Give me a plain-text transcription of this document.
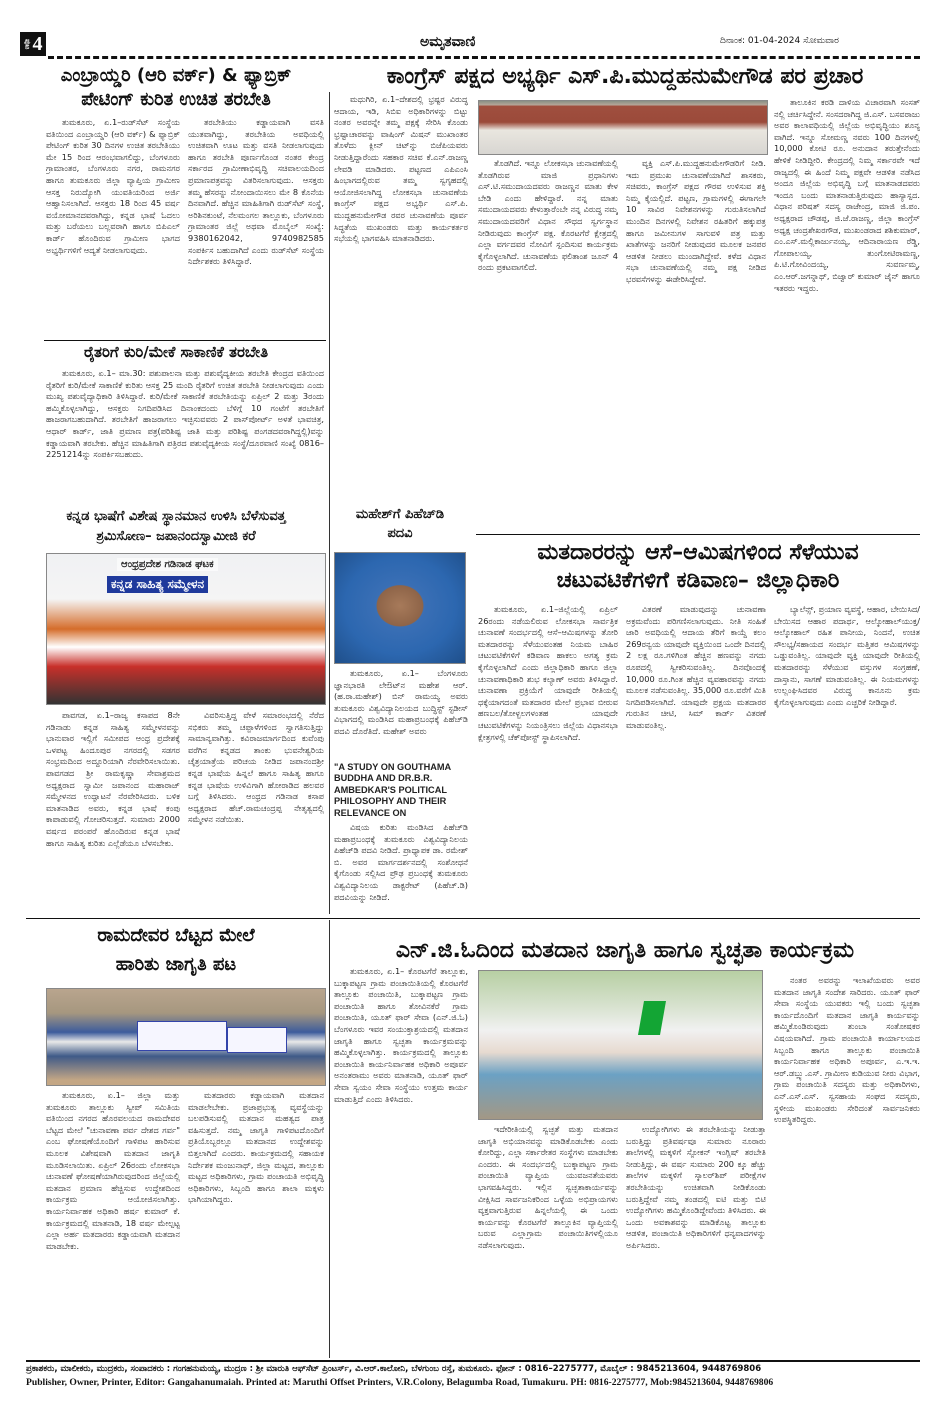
ಪುಟ 4	ಅಮೃತವಾಣಿ	ದಿನಾಂಕ: 01-04-2024 ಸೋಮವಾರ
ಎಂಬ್ರಾಯ್ಡರಿ (ಆರಿ ವರ್ಕ್) & ಫ್ಯಾಬ್ರಿಕ್
ಪೇಟಿಂಗ್ ಕುರಿತ ಉಚಿತ ತರಬೇತಿ

ತುಮಕೂರು, ಏ.1–ರುಡ್‌ಸೆಟ್ ಸಂಸ್ಥೆಯ ವತಿಯಿಂದ ಎಂಬ್ರಾಯ್ಡರಿ (ಆರಿ ವರ್ಕ್) & ಫ್ಯಾಬ್ರಿಕ್ ಪೇಟಿಂಗ್ ಕುರಿತ 30 ದಿನಗಳ ಉಚಿತ ತರಬೇತಿಯು ಮೇ 15 ರಿಂದ ಆರಂಭವಾಗಲಿದ್ದು, ಬೆಂಗಳೂರು ಗ್ರಾಮಾಂತರ, ಬೆಂಗಳೂರು ನಗರ, ರಾಮನಗರ ಹಾಗೂ ತುಮಕೂರು ಜಿಲ್ಲಾ ವ್ಯಾಪ್ತಿಯ ಗ್ರಾಮೀಣ ಆಸಕ್ತ ನಿರುದ್ಯೋಗಿ ಯುವತಿಯರಿಂದ ಅರ್ಜಿ ಆಹ್ವಾನಿಸಲಾಗಿದೆ. ಆಸಕ್ತರು 18 ರಿಂದ 45 ವರ್ಷ ವಯೋಮಾನದವರಾಗಿದ್ದು, ಕನ್ನಡ ಭಾಷೆ ಓದಲು ಮತ್ತು ಬರೆಯಲು ಬಲ್ಲವರಾಗಿ ಹಾಗೂ ಬಿಪಿಎಲ್ ಕಾರ್ಡ್ ಹೊಂದಿರುವ ಗ್ರಾಮೀಣ ಭಾಗದ ಅಭ್ಯರ್ಥಿಗಳಿಗೆ ಆದ್ಯತೆ ನೀಡಲಾಗುವುದು.

ತರಬೇತಿಯು ಕಡ್ಡಾಯವಾಗಿ ವಸತಿ ಯುತವಾಗಿದ್ದು, ತರಬೇತಿಯ ಅವಧಿಯಲ್ಲಿ ಉಚಿತವಾಗಿ ಊಟ ಮತ್ತು ವಸತಿ ನೀಡಲಾಗುವುದು ಹಾಗೂ ತರಬೇತಿ ಪೂರ್ಣಗೊಂಡ ನಂತರ ಕೇಂದ್ರ ಸರ್ಕಾರದ ಗ್ರಾಮೀಣಾಭಿವೃದ್ಧಿ ಸಚಿವಾಲಯದಿಂದ ಪ್ರಮಾಣಪತ್ರವನ್ನು ವಿತರಿಸಲಾಗುವುದು. ಆಸಕ್ತರು ತಮ್ಮ ಹೆಸರನ್ನು ನೋಂದಾಯಿಸಲು ಮೇ 8 ಕೊನೆಯ ದಿನವಾಗಿದೆ. ಹೆಚ್ಚಿನ ಮಾಹಿತಿಗಾಗಿ ರುಡ್‌ಸೆಟ್ ಸಂಸ್ಥೆ, ಅರಿಶಿನಕುಂಟೆ, ನೆಲಮಂಗಲ ತಾಲ್ಲೂಕು, ಬೆಂಗಳೂರು ಗ್ರಾಮಾಂತರ ಜಿಲ್ಲೆ ಅಥವಾ ಮೊಬೈಲ್ ಸಂಖ್ಯೆ: 9380162042, 9740982585 ಸಂಪರ್ಕಿಸ ಬಹುದಾಗಿದೆ ಎಂದು ರುಡ್‌ಸೆಟ್ ಸಂಸ್ಥೆಯ ನಿರ್ದೇಶಕರು ತಿಳಿಸಿದ್ದಾರೆ.

ರೈತರಿಗೆ ಕುರಿ/ಮೇಕೆ ಸಾಕಾಣಿಕೆ ತರಬೇತಿ

ತುಮಕೂರು, ಏ.1– ಮಾ.30: ಪಶುಪಾಲನಾ ಮತ್ತು ಪಶುವೈದ್ಯಕೀಯ ತರಬೇತಿ ಕೇಂದ್ರದ ವತಿಯಿಂದ ರೈತರಿಗೆ ಕುರಿ/ಮೇಕೆ ಸಾಕಾಣಿಕೆ ಕುರಿತು ಆಸಕ್ತ 25 ಮಂದಿ ರೈತರಿಗೆ ಉಚಿತ ತರಬೇತಿ ನೀಡಲಾಗುವುದು ಎಂದು ಮುಖ್ಯ ಪಶುವೈದ್ಯಾಧಿಕಾರಿ ತಿಳಿಸಿದ್ದಾರೆ. ಕುರಿ/ಮೇಕೆ ಸಾಕಾಣಿಕೆ ತರಬೇತಿಯನ್ನು ಏಪ್ರಿಲ್ 2 ಮತ್ತು 3ರಂದು ಹಮ್ಮಿಕೊಳ್ಳಲಾಗಿದ್ದು, ಆಸಕ್ತರು ನಿಗದಿಪಡಿಸಿದ ದಿನಾಂಕದಂದು ಬೆಳಿಗ್ಗೆ 10 ಗಂಟೆಗೆ ತರಬೇತಿಗೆ ಹಾಜರಾಗಬಹುದಾಗಿದೆ. ತರಬೇತಿಗೆ ಹಾಜರಾಗಲು ಇಚ್ಛಿಸುವವರು 2 ಪಾಸ್‌ಪೋರ್ಟ್ ಅಳತೆ ಭಾವಚಿತ್ರ, ಆಧಾರ್ ಕಾರ್ಡ್, ಜಾತಿ ಪ್ರಮಾಣ ಪತ್ರ(ಪರಿಶಿಷ್ಟ ಜಾತಿ ಮತ್ತು ಪರಿಶಿಷ್ಟ ಪಂಗಡದವರಾಗಿದ್ದಲ್ಲಿ)ವನ್ನು ಕಡ್ಡಾಯವಾಗಿ ತರಬೇಕು. ಹೆಚ್ಚಿನ ಮಾಹಿತಿಗಾಗಿ ಪತ್ರಿರದ ಪಶುವೈದ್ಯಕೀಯ ಸಂಸ್ಥೆ/ದೂರವಾಣಿ ಸಂಖ್ಯೆ 0816–2251214ನ್ನು ಸಂಪರ್ಕಿಸಬಹುದು.

ಕನ್ನಡ ಭಾಷೆಗೆ ವಿಶೇಷ ಸ್ಥಾನಮಾನ ಉಳಿಸಿ ಬೆಳೆಸುವತ್ತ
ಶ್ರಮಿಸೋಣ– ಜಪಾನಂದಸ್ವಾಮೀಜಿ ಕರೆ
ಆಂಧ್ರಪ್ರದೇಶ ಗಡಿನಾಡ ಘಟಕ
ಕನ್ನಡ ಸಾಹಿತ್ಯ ಸಮ್ಮೇಳನ

ಪಾವಗಡ, ಏ.1–ರಾಜ್ಯ ಕಸಾಪದ 8ನೇ ಗಡಿನಾಡು ಕನ್ನಡ ಸಾಹಿತ್ಯ ಸಮ್ಮೇಳನವನ್ನು ಭಾನುವಾರ ಇಲ್ಲಿಗೆ ಸಮೀಪದ ಆಂಧ್ರ ಪ್ರದೇಶಕ್ಕೆ ಒಳಪಟ್ಟ ಹಿಂದೂಪುರ ನಗರದಲ್ಲಿ ಸಡಗರ ಸಂಭ್ರಮದಿಂದ ಅದ್ದೂರಿಯಾಗಿ ನೆರವೇರಿಸಲಾಯಿತು. ಪಾವಗಡದ ಶ್ರೀ ರಾಮಕೃಷ್ಣಾ ಸೇವಾಶ್ರಮದ ಅಧ್ಯಕ್ಷರಾದ ಸ್ವಾಮೀ ಜಪಾನಂದ ಮಹಾರಾಜ್ ಸಮ್ಮೇಳನದ ಉದ್ಘಾಟನೆ ನೆರವೇರಿಸಿದರು. ಬಳಿಕ ಮಾತನಾಡಿದ ಅವರು, ಕನ್ನಡ ಭಾಷೆ ಕಂಪು ಕಾಪಾಡುವಲ್ಲಿ ಗೋಚರಿಸುತ್ತದೆ. ಸುಮಾರು 2000 ವರ್ಷದ ಪರಂಪರೆ ಹೊಂದಿರುವ ಕನ್ನಡ ಭಾಷೆ ಹಾಗೂ ಸಾಹಿತ್ಯ ಕುರಿತು ಎಲ್ಲೆಡೆಯೂ ಬೆಳಸಬೇಕು.

ವಿವರಿಸುತ್ತಿದ್ದ ವೇಳೆ ಸಮಾರಂಭದಲ್ಲಿ ನೆರೆದ ಸಭಿಕರು ತಮ್ಮ ಚಪ್ಪಾಳೆಗಳಿಂದ ಸ್ವಾಗತಿಸುತ್ತಿದ್ದು ಸಾಮಾನ್ಯವಾಗಿತ್ತು. ಕವಿರಾಜಮಾರ್ಗದಿಂದ ಕುವೆಂಪು ವರೆಗಿನ ಕನ್ನಡದ ತಾಂಕು ಭುವನೇಶ್ವರಿಯ ಚೈತ್ರಯಾತ್ರೆಯ ಪರಿಚಯ ನೀಡಿದ ಜಪಾನಂದಶ್ರೀ ಕನ್ನಡ ಭಾಷೆಯ ಹಿನ್ನಲೆ ಹಾಗೂ ಸಾಹಿತ್ಯ ಹಾಗೂ ಕನ್ನಡ ಭಾಷೆಯ ಉಳಿವಿಗಾಗಿ ಹೋರಾಡಿದ ಹಲವರ ಬಗ್ಗೆ ತಿಳಿಸಿದರು. ಆಂಧ್ರದ ಗಡಿನಾಡ ಕಸಾಪ ಅಧ್ಯಕ್ಷರಾದ ಹೆಚ್.ರಾಮಚಂದ್ರಪ್ಪ ನೇತೃತ್ವದಲ್ಲಿ ಸಮ್ಮೇಳನ ನಡೆಯಿತು.

ಮಹೇಶ್‌ಗೆ ಪಿಹೆಚ್‌ಡಿ
ಪದವಿ

ತುಮಕೂರು, ಏ.1– ಬೆಂಗಳೂರು ಜ್ಞಾನಭಾರತಿ ಲೇಔಟ್‌ನ ಮಹೇಶ ಆರ್. (ಹ.ರಾ.ಮಹೇಶ್) ಬಿನ್ ರಾಮಯ್ಯ ಅವರು ತುಮಕೂರು ವಿಶ್ವವಿದ್ಯಾನಿಲಯದ ಬುದ್ಧಿಸ್ಟ್ ಸ್ಟಡೀಸ್ ವಿಭಾಗದಲ್ಲಿ ಮಂಡಿಸಿದ ಮಹಾಪ್ರಬಂಧಕ್ಕೆ ಪಿಹೆಚ್‌ಡಿ ಪದವಿ ದೊರೆತಿದೆ. ಮಹೇಶ್ ಅವರು

"A STUDY ON GOUTHAMA BUDDHA AND DR.B.R. AMBEDKAR'S POLITICAL PHILOSOPHY AND THEIR RELEVANCE ON

ವಿಷಯ ಕುರಿತು ಮಂಡಿಸಿದ ಪಿಹೆಚ್‌ಡಿ ಮಹಾಪ್ರಬಂಧಕ್ಕೆ ತುಮಕೂರು ವಿಶ್ವವಿದ್ಯಾನಿಲಯ ಪಿಹೆಚ್‌ಡಿ ಪದವಿ ನೀಡಿದೆ. ಪ್ರಾಧ್ಯಾಪಕ ಡಾ. ರಮೇಶ್ ಬಿ. ಅವರ ಮಾರ್ಗದರ್ಶನದಲ್ಲಿ ಸಂಶೋಧನೆ ಕೈಗೊಂಡು ಸಲ್ಲಿಸಿದ ಪ್ರೌಢ ಪ್ರಬಂಧಕ್ಕೆ ತುಮಕೂರು ವಿಶ್ವವಿದ್ಯಾನಿಲಯ ಡಾಕ್ಟರೇಟ್ (ಪಿಹೆಚ್.ಡಿ) ಪದವಿಯನ್ನು ನೀಡಿದೆ.

ಕಾಂಗ್ರೆಸ್ ಪಕ್ಷದ ಅಭ್ಯರ್ಥಿ ಎಸ್.ಪಿ.ಮುದ್ದಹನುಮೇಗೌಡ ಪರ ಪ್ರಚಾರ

ಮಧುಗಿರಿ, ಏ.1–ದೇಶದಲ್ಲಿ ಭ್ರಷ್ಟರ ವಿರುದ್ಧ ಆದಾಯ, ಇಡಿ, ಸಿಬಿಐ ಅಧಿಕಾರಿಗಳನ್ನು ಬಿಟ್ಟು ನಂತರ ಅವರನ್ನೇ ತಮ್ಮ ಪಕ್ಷಕ್ಕೆ ಸೇರಿಸಿ ಕೊಂಡು ಭ್ರಷ್ಟಾಚಾರವನ್ನು ವಾಷಿಂಗ್ ಮಿಷನ್ ಮುಖಾಂತರ ತೊಳೆದು ಕ್ಲೀನ್ ಚಿಟ್‌ನ್ನು ಬಿಜೆಪಿಯವರು ನೀಡುತ್ತಿದ್ದಾರೆಂದು ಸಹಕಾರ ಸಚಿವ ಕೆ.ಎನ್.ರಾಜಣ್ಣ ಲೇವಡಿ ಮಾಡಿದರು. ಪಟ್ಟಣದ ಎಪಿಎಂಸಿ ಹಿಂಭಾಗದಲ್ಲಿರುವ ತಮ್ಮ ಸ್ವಗೃಹದಲ್ಲಿ ಆಯೋಜಿಸಲಾಗಿದ್ದ ಲೋಕಸಭಾ ಚುನಾವಣೆಯ ಕಾಂಗ್ರೆಸ್ ಪಕ್ಷದ ಅಭ್ಯರ್ಥಿ ಎಸ್.ಪಿ. ಮುದ್ದಹನುಮೇಗೌಡ ರವರ ಚುನಾವಣೆಯ ಪೂರ್ವ ಸಿದ್ಧತೆಯ ಮುಖಂಡರು ಮತ್ತು ಕಾರ್ಯಕರ್ತರ ಸಭೆಯಲ್ಲಿ ಭಾಗವಹಿಸಿ ಮಾತನಾಡಿದರು.

ತೊಡಗಿದೆ. ಇನ್ನೂ ಲೋಕಸಭಾ ಚುನಾವಣೆಯಲ್ಲಿ ತೊಡಗಿರುವ ಮಾಜಿ ಪ್ರಧಾನಿಗಳು ಎಸ್.ಟಿ.ಸಮುದಾಯದವರು ರಾಜಣ್ಣನ ಮಾತು ಕೇಳ ಬೇಡಿ ಎಂದು ಹೇಳಿದ್ದಾರೆ. ನನ್ನ ಮಾತು ಸಮುದಾಯದವರು ಕೇಳುತ್ತಾರೆಂಬೇ ನನ್ನ ವಿರುದ್ಧ ನಮ್ಮ ಸಮುದಾಯದವರಿಗೆ ವಿಧಾನ ಸೌಧದ ಸ್ವರ್ಗಸ್ಥಾನ ನೀಡಿರುವುದು ಕಾಂಗ್ರೆಸ್ ಪಕ್ಷ. ಕೊರಟಗೆರೆ ಕ್ಷೇತ್ರದಲ್ಲಿ ಎಲ್ಲಾ ವರ್ಗದವರ ನೋವಿಗೆ ಸ್ಪಂದಿಸುವ ಕಾರ್ಯಕ್ರಮ ಕೈಗೊಳ್ಳಲಾಗಿದೆ. ಚುನಾವಣೆಯ ಫಲಿತಾಂಶ ಜೂನ್ 4 ರಂದು ಪ್ರಕಟವಾಗಲಿದೆ.

ವ್ಯಕ್ತಿ ಎಸ್.ಪಿ.ಮುದ್ದಹನುಮೇಗೌಡರಿಗೆ ನೀಡಿ. ಇದು ಪ್ರಮುಖ ಚುನಾವಣೆಯಾಗಿದೆ ಶಾಸಕರು, ಸಚಿವರು, ಕಾಂಗ್ರೆಸ್ ಪಕ್ಷದ ಗೌರವ ಉಳಿಸುವ ಶಕ್ತಿ ನಿಮ್ಮ ಕೈಯಲ್ಲಿದೆ. ಪಟ್ಟಣ, ಗ್ರಾಮಗಳಲ್ಲಿ ಈಗಾಗಲೇ 10 ಸಾವಿರ ನಿವೇಶನಗಳನ್ನು ಗುರುತಿಸಲಾಗಿದೆ ಮುಂದಿನ ದಿನಗಳಲ್ಲಿ ನಿವೇಶನ ರಹಿತರಿಗೆ ಹಕ್ಕುಪತ್ರ ಹಾಗೂ ಜಮೀನುಗಳ ಸಾಗುವಳಿ ಪತ್ರ ಮತ್ತು ಖಾತೆಗಳನ್ನು ಜನರಿಗೆ ನೀಡುವುದರ ಮೂಲಕ ಜನಪರ ಆಡಳಿತ ನೀಡಲು ಮುಂದಾಗಿದ್ದೇವೆ. ಕಳೆದ ವಿಧಾನ ಸಭಾ ಚುನಾವಣೆಯಲ್ಲಿ ನಮ್ಮ ಪಕ್ಷ ನೀಡಿದ ಭರವಸೆಗಳನ್ನು ಈಡೇರಿಸಿದ್ದೇವೆ.

ತಾಲೂಕಿನ ಕರಡಿ ದಾಳಿಯ ವಿಚಾರವಾಗಿ ಸಂಸತ್ ನಲ್ಲಿ ಚರ್ಚಿಸಿದ್ದೇನೆ. ಸಂಸದರಾಗಿದ್ದ ಜಿ.ಎಸ್. ಬಸವರಾಜು ಅವರ ಕಾಲಾವಧಿಯಲ್ಲಿ ಜಿಲ್ಲೆಯ ಅಭಿವೃದ್ಧಿಯು ಶೂನ್ಯ ವಾಗಿದೆ. ಇನ್ನೂ ಸೋಮಣ್ಣ ನವರು 100 ದಿನಗಳಲ್ಲಿ 10,000 ಕೋಟಿ ರೂ. ಅನುದಾನ ತರುತ್ತೇನೆಂದು ಹೇಳಿಕೆ ನೀಡಿದ್ದೀರಿ. ಕೇಂದ್ರದಲ್ಲಿ ನಿಮ್ಮ ಸರ್ಕಾರವೇ ಇದೆ ರಾಜ್ಯದಲ್ಲಿ ಈ ಹಿಂದೆ ನಿಮ್ಮ ಪಕ್ಷವೇ ಆಡಳಿತ ನಡೆಸಿದ ಅಂದೂ ಜಿಲ್ಲೆಯ ಅಭಿವೃದ್ಧಿ ಬಗ್ಗೆ ಮಾತನಾಡದವರು ಇಂದೂ ಬಂದು ಮಾತನಾಡುತ್ತಿರುವುದು ಹಾಸ್ಯಾಸ್ಪದ. ವಿಧಾನ ಪರಿಷತ್ ಸದಸ್ಯ ರಾಜೇಂದ್ರ, ಮಾಜಿ ಜಿ.ಪಂ. ಅಧ್ಯಕ್ಷರಾದ ಚೌಡಪ್ಪ, ಜಿ.ಜೆ.ರಾಜಣ್ಣ, ಜಿಲ್ಲಾ ಕಾಂಗ್ರೆಸ್ ಅಧ್ಯಕ್ಷ ಚಂದ್ರಶೇಖರಗೌಡ, ಮುಖಂಡರಾದ ಶಶಿಕುಮಾರ್, ಎಂ.ಎಸ್.ಮಲ್ಲಿಕಾರ್ಜುನಯ್ಯ, ಆದಿನಾರಾಯಣ ರೆಡ್ಡಿ, ಗೋಪಾಲಯ್ಯ, ತುಂಗೋಟಿರಾಮಣ್ಣ, ಪಿ.ಟಿ.ಗೋವಿಂದಯ್ಯ, ಸುವರ್ಣಮ್ಮ, ಎಂ.ಆರ್.ಜಗನ್ನಾಥ್, ಬಿಜ್ವಾರ್ ಕುಮಾರ್ ಜೈನ್ ಹಾಗೂ ಇತರರು ಇದ್ದರು.

ಮತದಾರರನ್ನು ಆಸೆ–ಆಮಿಷಗಳಿಂದ ಸೆಳೆಯುವ
ಚಟುವಟಿಕೆಗಳಿಗೆ ಕಡಿವಾಣ– ಜಿಲ್ಲಾಧಿಕಾರಿ

ತುಮಕೂರು, ಏ.1–ಜಿಲ್ಲೆಯಲ್ಲಿ ಏಪ್ರಿಲ್ 26ರಂದು ನಡೆಯಲಿರುವ ಲೋಕಸಭಾ ಸಾರ್ವತ್ರಿಕ ಚುನಾವಣೆ ಸಂದರ್ಭದಲ್ಲಿ ಆಸೆ–ಆಮಿಷಗಳನ್ನು ತೋರಿ ಮತದಾರರನ್ನು ಸೆಳೆಯುವಂತಹ ನಿಯಮ ಬಾಹಿರ ಚಟುವಟಿಕೆಗಳಿಗೆ ಕಡಿವಾಣ ಹಾಕಲು ಅಗತ್ಯ ಕ್ರಮ ಕೈಗೊಳ್ಳಲಾಗಿದೆ ಎಂದು ಜಿಲ್ಲಾಧಿಕಾರಿ ಹಾಗೂ ಜಿಲ್ಲಾ ಚುನಾವಣಾಧಿಕಾರಿ ಶುಭ ಕಲ್ಯಾಣ್ ಅವರು ತಿಳಿಸಿದ್ದಾರೆ. ಚುನಾವಣಾ ಪ್ರಕ್ರಿಯೆಗೆ ಯಾವುದೇ ರೀತಿಯಲ್ಲಿ ಧಕ್ಕೆಯಾಗದಂತೆ ಮತದಾರರ ಮೇಲೆ ಪ್ರಭಾವ ಬೀರುವ ಹಣಬಲ/ತೋಳ್ಬಲಗಳಂತಹ ಯಾವುದೇ ಚಟುವಟಿಕೆಗಳನ್ನು ನಿಯಂತ್ರಿಸಲು ಜಿಲ್ಲೆಯ ವಿಧಾನಸಭಾ ಕ್ಷೇತ್ರಗಳಲ್ಲಿ ಚೆಕ್‌ಪೋಸ್ಟ್ ಸ್ಥಾಪಿಸಲಾಗಿದೆ.

ವಿತರಣೆ ಮಾಡುವುದನ್ನು ಚುನಾವಣಾ ಅಕ್ರಮವೆಂದು ಪರಿಗಣಿಸಲಾಗುವುದು. ನೀತಿ ಸಂಹಿತೆ ಜಾರಿ ಅವಧಿಯಲ್ಲಿ ಆದಾಯ ತೆರಿಗೆ ಕಾಯ್ದೆ ಕಲಂ 269ರನ್ವಯ ಯಾವುದೇ ವ್ಯಕ್ತಿಯಿಂದ ಒಂದೇ ದಿನದಲ್ಲಿ 2 ಲಕ್ಷ ರೂ.ಗಳಿಗಿಂತ ಹೆಚ್ಚಿನ ಹಣವನ್ನು ನಗದು ರೂಪದಲ್ಲಿ ಸ್ವೀಕರಿಸುವಂತಿಲ್ಲ. ದಿನವೊಂದಕ್ಕೆ 10,000 ರೂ.ಗಿಂತ ಹೆಚ್ಚಿನ ವ್ಯವಹಾರವನ್ನು ನಗದು ಮೂಲಕ ನಡೆಸುವಂತಿಲ್ಲ. 35,000 ರೂ.ವರೆಗೆ ಮಿತಿ ನಿಗದಿಪಡಿಸಲಾಗಿದೆ. ಯಾವುದೇ ಪ್ರಕ್ಷಯ ಮತದಾರರ ಗುರುತಿನ ಚೀಟಿ, ಸಿಮ್ ಕಾರ್ಡ್ ವಿತರಣೆ ಮಾಡುವಂತಿಲ್ಲ.

ಬ್ಯಾಲೆನ್ಸ್, ಪ್ರಯಾಣ ವ್ಯವಸ್ಥೆ, ಆಹಾರ, ಬೇಯಿಸಿದ/ ಬೇಯಿಸದ ಆಹಾರ ಪದಾರ್ಥ, ಆಲ್ಕೋಹಾಲ್‌ಯುಕ್ತ/ ಆಲ್ಕೋಹಾಲ್ ರಹಿತ ಪಾನೀಯ, ನಿಂದನೆ, ಉಚಿತ ಸೌಲಭ್ಯ/ಸಹಾಯದ ಸಂದರ್ಭ ಮತ್ತಿತರ ಆಮಿಷಗಳನ್ನು ಒಡ್ಡುವಂತಿಲ್ಲ. ಯಾವುದೇ ವ್ಯಕ್ತಿ ಯಾವುದೇ ರೀತಿಯಲ್ಲಿ ಮತದಾರರನ್ನು ಸೆಳೆಯುವ ವಸ್ತುಗಳ ಸಂಗ್ರಹಣೆ, ದಾಸ್ತಾನು, ಸಾಗಣೆ ಮಾಡುವಂತಿಲ್ಲ. ಈ ನಿಯಮಗಳನ್ನು ಉಲ್ಲಂಘಿಸಿದವರ ವಿರುದ್ಧ ಕಾನೂನು ಕ್ರಮ ಕೈಗೊಳ್ಳಲಾಗುವುದು ಎಂದು ಎಚ್ಚರಿಕೆ ನೀಡಿದ್ದಾರೆ.

ರಾಮದೇವರ ಬೆಟ್ಟದ ಮೇಲೆ
ಹಾರಿತು ಜಾಗೃತಿ ಪಟ

ತುಮಕೂರು, ಏ.1– ಜಿಲ್ಲಾ ಮತ್ತು ತುಮಕೂರು ತಾಲ್ಲೂಕು ಸ್ವೀಪ್ ಸಮಿತಿಯ ವತಿಯಿಂದ ನಗರದ ಹೊರವಲಯದ ರಾಮದೇವರ ಬೆಟ್ಟದ ಮೇಲೆ "ಚುನಾವಣಾ ಪರ್ವ ದೇಶದ ಗರ್ವ" ಎಂಬ ಘೋಷಣೆಯೊಂದಿಗೆ ಗಾಳಿಪಟ ಹಾರಿಸುವ ಮೂಲಕ ವಿಶೇಷವಾಗಿ ಮತದಾನ ಜಾಗೃತಿ ಮೂಡಿಸಲಾಯಿತು. ಏಪ್ರಿಲ್ 26ರಂದು ಲೋಕಸಭಾ ಚುನಾವಣೆ ಘೋಷಣೆಯಾಗಿರುವುದರಿಂದ ಜಿಲ್ಲೆಯಲ್ಲಿ ಮತದಾನ ಪ್ರಮಾಣ ಹೆಚ್ಚಿಸುವ ಉದ್ದೇಶದಿಂದ ಕಾರ್ಯಕ್ರಮ ಆಯೋಜಿಸಲಾಗಿತ್ತು. ಕಾರ್ಯನಿರ್ವಾಹಕ ಅಧಿಕಾರಿ ಹರ್ಷ ಕುಮಾರ್ ಕೆ. ಕಾರ್ಯಕ್ರಮದಲ್ಲಿ ಮಾತನಾಡಿ, 18 ವರ್ಷ ಮೇಲ್ಪಟ್ಟ ಎಲ್ಲಾ ಅರ್ಹ ಮತದಾರರು ಕಡ್ಡಾಯವಾಗಿ ಮತದಾನ ಮಾಡಬೇಕು.

ಮತದಾರರು ಕಡ್ಡಾಯವಾಗಿ ಮತದಾನ ಮಾಡಲೇಬೇಕು. ಪ್ರಜಾಪ್ರಭುತ್ವ ವ್ಯವಸ್ಥೆಯನ್ನು ಬಲಪಡಿಸುವಲ್ಲಿ ಮತದಾನ ಮಹತ್ವದ ಪಾತ್ರ ವಹಿಸುತ್ತದೆ. ನಮ್ಮ ಜಾಗೃತಿ ಗಾಳಿಪಟದೊಂದಿಗೆ ಪ್ರತಿಯೊಬ್ಬರಲ್ಲೂ ಮತದಾನದ ಉದ್ದೇಶವನ್ನು ಬಿತ್ತಲಾಗಿದೆ ಎಂದರು. ಕಾರ್ಯಕ್ರಮದಲ್ಲಿ ಸಹಾಯಕ ನಿರ್ದೇಶಕ ಮಂಜುನಾಥ್, ಜಿಲ್ಲಾ ಮಟ್ಟದ, ತಾಲ್ಲೂಕು ಮಟ್ಟದ ಅಧಿಕಾರಿಗಳು, ಗ್ರಾಮ ಪಂಚಾಯತಿ ಅಭಿವೃದ್ಧಿ ಅಧಿಕಾರಿಗಳು, ಸಿಬ್ಬಂದಿ ಹಾಗೂ ಶಾಲಾ ಮಕ್ಕಳು ಭಾಗಿಯಾಗಿದ್ದರು.

ಎನ್.ಜಿ.ಓದಿಂದ ಮತದಾನ ಜಾಗೃತಿ ಹಾಗೂ ಸ್ವಚ್ಛತಾ ಕಾರ್ಯಕ್ರಮ

ತುಮಕೂರು, ಏ.1– ಕೊರಟಗೆರೆ ತಾಲ್ಲೂಕು, ಬುಕ್ಕಾಪಟ್ಟಣ ಗ್ರಾಮ ಪಂಚಾಯಿತಿಯಲ್ಲಿ ಕೊರಟಗೆರೆ ತಾಲ್ಲೂಕು ಪಂಚಾಯಿತಿ, ಬುಕ್ಕಾಪಟ್ಟಣ ಗ್ರಾಮ ಪಂಚಾಯಿತಿ ಹಾಗೂ ತೋವಿನಕೆರೆ ಗ್ರಾಮ ಪಂಚಾಯಿತಿ, ಯೂತ್ ಫಾರ್ ಸೇವಾ (ಎನ್.ಜಿ.ಓ) ಬೆಂಗಳೂರು ಇವರ ಸಂಯುಕ್ತಾಶ್ರಯದಲ್ಲಿ ಮತದಾನ ಜಾಗೃತಿ ಹಾಗೂ ಸ್ವಚ್ಛತಾ ಕಾರ್ಯಕ್ರಮವನ್ನು ಹಮ್ಮಿಕೊಳ್ಳಲಾಗಿತ್ತು. ಕಾರ್ಯಕ್ರಮದಲ್ಲಿ ತಾಲ್ಲೂಕು ಪಂಚಾಯಿತಿ ಕಾರ್ಯನಿರ್ವಾಹಕ ಅಧಿಕಾರಿ ಅಪೂರ್ವ ಅನಂತರಾಮು ಅವರು ಮಾತನಾಡಿ, ಯೂತ್ ಫಾರ್ ಸೇವಾ ಸ್ವಯಂ ಸೇವಾ ಸಂಸ್ಥೆಯು ಉತ್ತಮ ಕಾರ್ಯ ಮಾಡುತ್ತಿದೆ ಎಂದು ತಿಳಿಸಿದರು.

ಇದೇರೀತಿಯಲ್ಲಿ ಸ್ವಚ್ಛತೆ ಮತ್ತು ಮತದಾನ ಜಾಗೃತಿ ಅಭಿಯಾನವನ್ನು ಮಾಡಿಕೊಡಬೇಕು ಎಂದು ಕೋರಿದ್ದು, ಎಲ್ಲಾ ಸರ್ಕಾರೇತರ ಸಂಸ್ಥೆಗಳು ಮಾಡಬೇಕು ಎಂದರು. ಈ ಸಂದರ್ಭದಲ್ಲಿ ಬುಕ್ಕಾಪಟ್ಟಣ ಗ್ರಾಮ ಪಂಚಾಯಿತಿ ವ್ಯಾಪ್ತಿಯ ಯುವಜನತೆಯವರು ಭಾಗವಹಿಸಿದ್ದರು. ಇಲ್ಲಿನ ಸ್ವಚ್ಛತಾಕಾರ್ಯವನ್ನು ವೀಕ್ಷಿಸಿದ ಸಾರ್ವಜನಿಕರಿಂದ ಒಳ್ಳೆಯ ಅಭಿಪ್ರಾಯಗಳು ವ್ಯಕ್ತವಾಗುತ್ತಿರುವ ಹಿನ್ನಲೆಯಲ್ಲಿ ಈ ಒಂದು ಕಾರ್ಯವನ್ನು ಕೊರಟಗೆರೆ ತಾಲ್ಲೂಕಿನ ವ್ಯಾಪ್ತಿಯಲ್ಲಿ ಬರುವ ಎಲ್ಲಾಗ್ರಾಮ ಪಂಚಾಯಿತಿಗಳಲ್ಲಿಯೂ ನಡೆಸಲಾಗುವುದು.

ಉದ್ಯೋಗಿಗಳು ಈ ತರಬೇತಿಯನ್ನು ನೀಡುತ್ತಾ ಬರುತ್ತಿದ್ದು ಪ್ರತಿವರ್ಷವೂ ಸುಮಾರು ನೂರಾರು ಶಾಲೆಗಳಲ್ಲಿ ಮಕ್ಕಳಿಗೆ ಸ್ಪೋಕನ್ ಇಂಗ್ಲಿಷ್ ತರಬೇತಿ ನೀಡುತ್ತಿದ್ದು, ಈ ವರ್ಷ ಸುಮಾರು 200 ಕ್ಕೂ ಹೆಚ್ಚು ಶಾಲೆಗಳ ಮಕ್ಕಳಿಗೆ ಸ್ಕಾಲರ್‌ಶಿಪ್ ಪರೀಕ್ಷೆಗಳ ತರಬೇತಿಯನ್ನು ಉಚಿತವಾಗಿ ನೀಡಿಕೊಂಡು ಬರುತ್ತಿದ್ದೇವೆ ನಮ್ಮ ತಂಡದಲ್ಲಿ ಐಟಿ ಮತ್ತು ಬಿಟಿ ಉದ್ಯೋಗಿಗಳು ಹಮ್ಮಿಕೊಂಡಿದ್ದೇವೆಂದು ತಿಳಿಸಿದರು. ಈ ಒಂದು ಅವಕಾಶವನ್ನು ಮಾಡಿಕೊಟ್ಟ ತಾಲ್ಲೂಕು ಆಡಳಿತ, ಪಂಚಾಯಿತಿ ಅಧಿಕಾರಿಗಳಿಗೆ ಧನ್ಯವಾದಗಳನ್ನು ಅರ್ಪಿಸಿದರು.

ನಂತರ ಅವರನ್ನು ಇಲಾಖೆಯವರು ಅವರ ಮತದಾನ ಜಾಗೃತಿ ಸಂದೇಶ ಸಾರಿದರು. ಯೂತ್ ಫಾರ್ ಸೇವಾ ಸಂಸ್ಥೆಯ ಯುವಕರು ಇಲ್ಲಿ ಬಂದು ಸ್ವಚ್ಛತಾ ಕಾರ್ಯದೊಂದಿಗೆ ಮತದಾನ ಜಾಗೃತಿ ಕಾರ್ಯವನ್ನು ಹಮ್ಮಿಕೊಂಡಿರುವುದು ತುಂಬಾ ಸಂತೋಷಕರ ವಿಷಯವಾಗಿದೆ. ಗ್ರಾಮ ಪಂಚಾಯಿತಿ ಕಾರ್ಯಾಲಯದ ಸಿಬ್ಬಂದಿ ಹಾಗೂ ತಾಲ್ಲೂಕು ಪಂಚಾಯಿತಿ ಕಾರ್ಯನಿರ್ವಾಹಕ ಅಧಿಕಾರಿ ಅಪೂರ್ವ, ಎ.ಇ.ಇ. ಆರ್.ಡಬ್ಲ್ಯು.ಎಸ್. ಗ್ರಾಮೀಣ ಕುಡಿಯುವ ನೀರು ವಿಭಾಗ, ಗ್ರಾಮ ಪಂಚಾಯಿತಿ ಸದಸ್ಯರು ಮತ್ತು ಅಧಿಕಾರಿಗಳು, ಎನ್.ಎಸ್.ಎಸ್. ಸ್ವಸಹಾಯ ಸಂಘದ ಸದಸ್ಯರು, ಸ್ಥಳೀಯ ಮುಖಂಡರು ಸೇರಿದಂತೆ ಸಾರ್ವಜನಿಕರು ಉಪಸ್ಥಿತರಿದ್ದರು.

ಪ್ರಕಾಶಕರು, ಮಾಲೀಕರು, ಮುದ್ರಕರು, ಸಂಪಾದಕರು : ಗಂಗಹನುಮಯ್ಯ, ಮುದ್ರಣ : ಶ್ರೀ ಮಾರುತಿ ಆಫ್‌ಸೆಟ್ ಪ್ರಿಂಟರ್ಸ್, ವಿ.ಆರ್.ಕಾಲೋನಿ, ಬೆಳಗುಂಬ ರಸ್ತೆ, ತುಮಕೂರು. ಫೋನ್ : 0816–2275777, ಮೊಬೈಲ್ : 9845213604, 9448769806
Publisher, Owner, Printer, Editor: Gangahanumaiah. Printed at: Maruthi Offset Printers, V.R.Colony, Belagumba Road, Tumakuru. PH: 0816-2275777, Mob:9845213604, 9448769806
